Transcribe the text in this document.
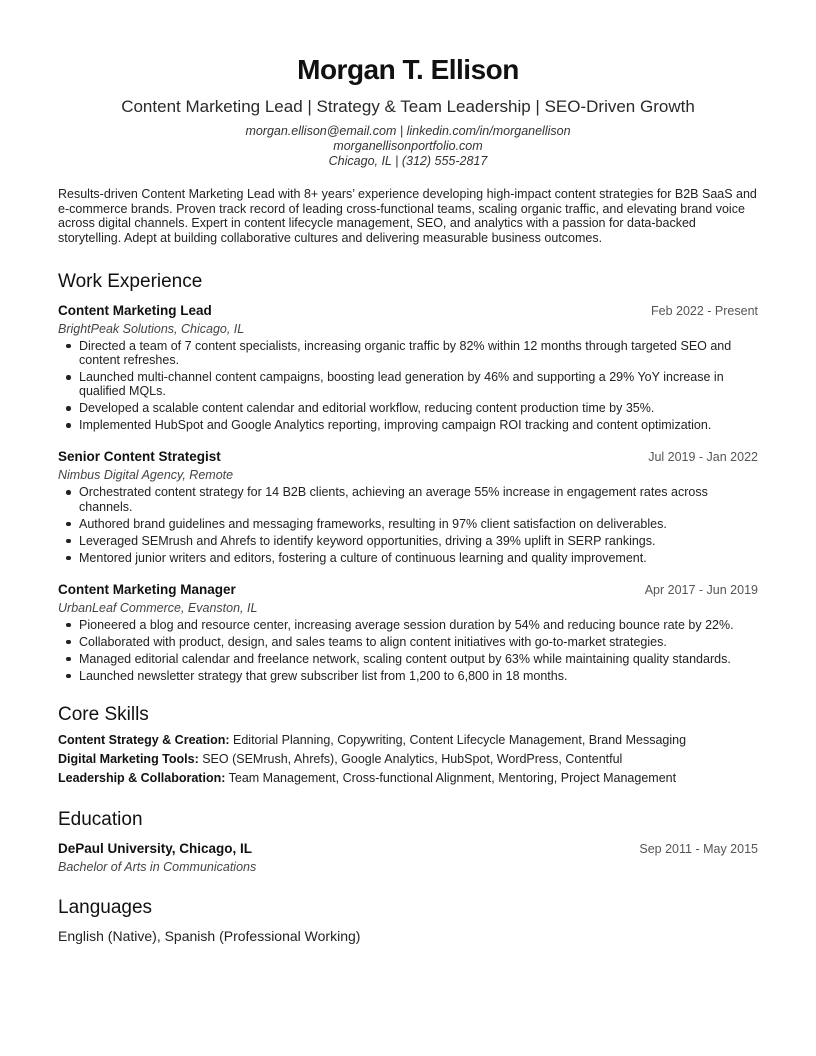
Morgan T. Ellison
Content Marketing Lead | Strategy & Team Leadership | SEO-Driven Growth
morgan.ellison@email.com | linkedin.com/in/morganellison
morganellisonportfolio.com
Chicago, IL | (312) 555-2817
Results-driven Content Marketing Lead with 8+ years’ experience developing high-impact content strategies for B2B SaaS and e-commerce brands. Proven track record of leading cross-functional teams, scaling organic traffic, and elevating brand voice across digital channels. Expert in content lifecycle management, SEO, and analytics with a passion for data-backed storytelling. Adept at building collaborative cultures and delivering measurable business outcomes.
Work Experience
Content Marketing Lead	Feb 2022 - Present
BrightPeak Solutions, Chicago, IL
Directed a team of 7 content specialists, increasing organic traffic by 82% within 12 months through targeted SEO and content refreshes.
Launched multi-channel content campaigns, boosting lead generation by 46% and supporting a 29% YoY increase in qualified MQLs.
Developed a scalable content calendar and editorial workflow, reducing content production time by 35%.
Implemented HubSpot and Google Analytics reporting, improving campaign ROI tracking and content optimization.
Senior Content Strategist	Jul 2019 - Jan 2022
Nimbus Digital Agency, Remote
Orchestrated content strategy for 14 B2B clients, achieving an average 55% increase in engagement rates across channels.
Authored brand guidelines and messaging frameworks, resulting in 97% client satisfaction on deliverables.
Leveraged SEMrush and Ahrefs to identify keyword opportunities, driving a 39% uplift in SERP rankings.
Mentored junior writers and editors, fostering a culture of continuous learning and quality improvement.
Content Marketing Manager	Apr 2017 - Jun 2019
UrbanLeaf Commerce, Evanston, IL
Pioneered a blog and resource center, increasing average session duration by 54% and reducing bounce rate by 22%.
Collaborated with product, design, and sales teams to align content initiatives with go-to-market strategies.
Managed editorial calendar and freelance network, scaling content output by 63% while maintaining quality standards.
Launched newsletter strategy that grew subscriber list from 1,200 to 6,800 in 18 months.
Core Skills
Content Strategy & Creation: Editorial Planning, Copywriting, Content Lifecycle Management, Brand Messaging
Digital Marketing Tools: SEO (SEMrush, Ahrefs), Google Analytics, HubSpot, WordPress, Contentful
Leadership & Collaboration: Team Management, Cross-functional Alignment, Mentoring, Project Management
Education
DePaul University, Chicago, IL	Sep 2011 - May 2015
Bachelor of Arts in Communications
Languages
English (Native), Spanish (Professional Working)
